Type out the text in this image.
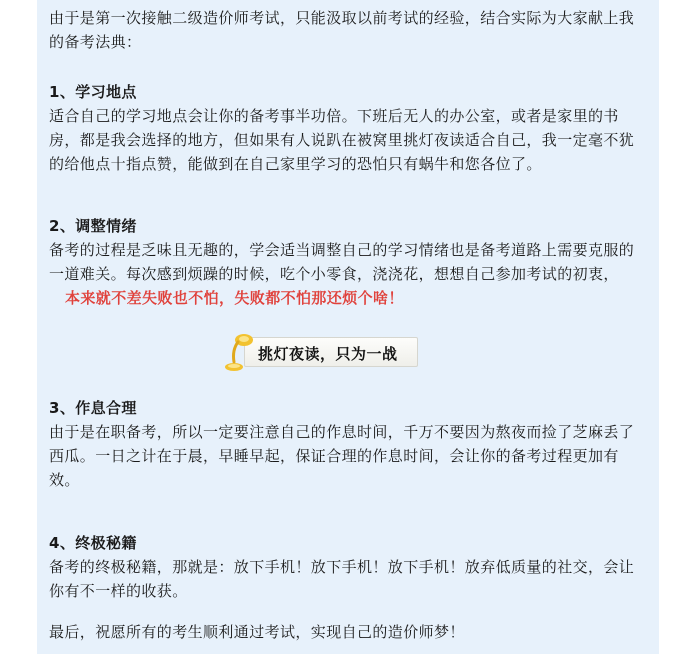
由于是第一次接触二级造价师考试，只能汲取以前考试的经验，结合实际为大家献上我的备考法典：

1、学习地点

适合自己的学习地点会让你的备考事半功倍。下班后无人的办公室，或者是家里的书房，都是我会选择的地方，但如果有人说趴在被窝里挑灯夜读适合自己，我一定毫不犹的给他点十指点赞，能做到在自己家里学习的恐怕只有蜗牛和您各位了。

2、调整情绪

备考的过程是乏味且无趣的，学会适当调整自己的学习情绪也是备考道路上需要克服的一道难关。每次感到烦躁的时候，吃个小零食，浇浇花，想想自己参加考试的初衷，本来就不差失败也不怕，失败都不怕那还烦个啥！

3、作息合理

由于是在职备考，所以一定要注意自己的作息时间，千万不要因为熬夜而捡了芝麻丢了西瓜。一日之计在于晨，早睡早起，保证合理的作息时间，会让你的备考过程更加有效。

4、终极秘籍

备考的终极秘籍，那就是：放下手机！放下手机！放下手机！放弃低质量的社交，会让你有不一样的收获。

最后，祝愿所有的考生顺利通过考试，实现自己的造价师梦！

挑灯夜读，只为一战
